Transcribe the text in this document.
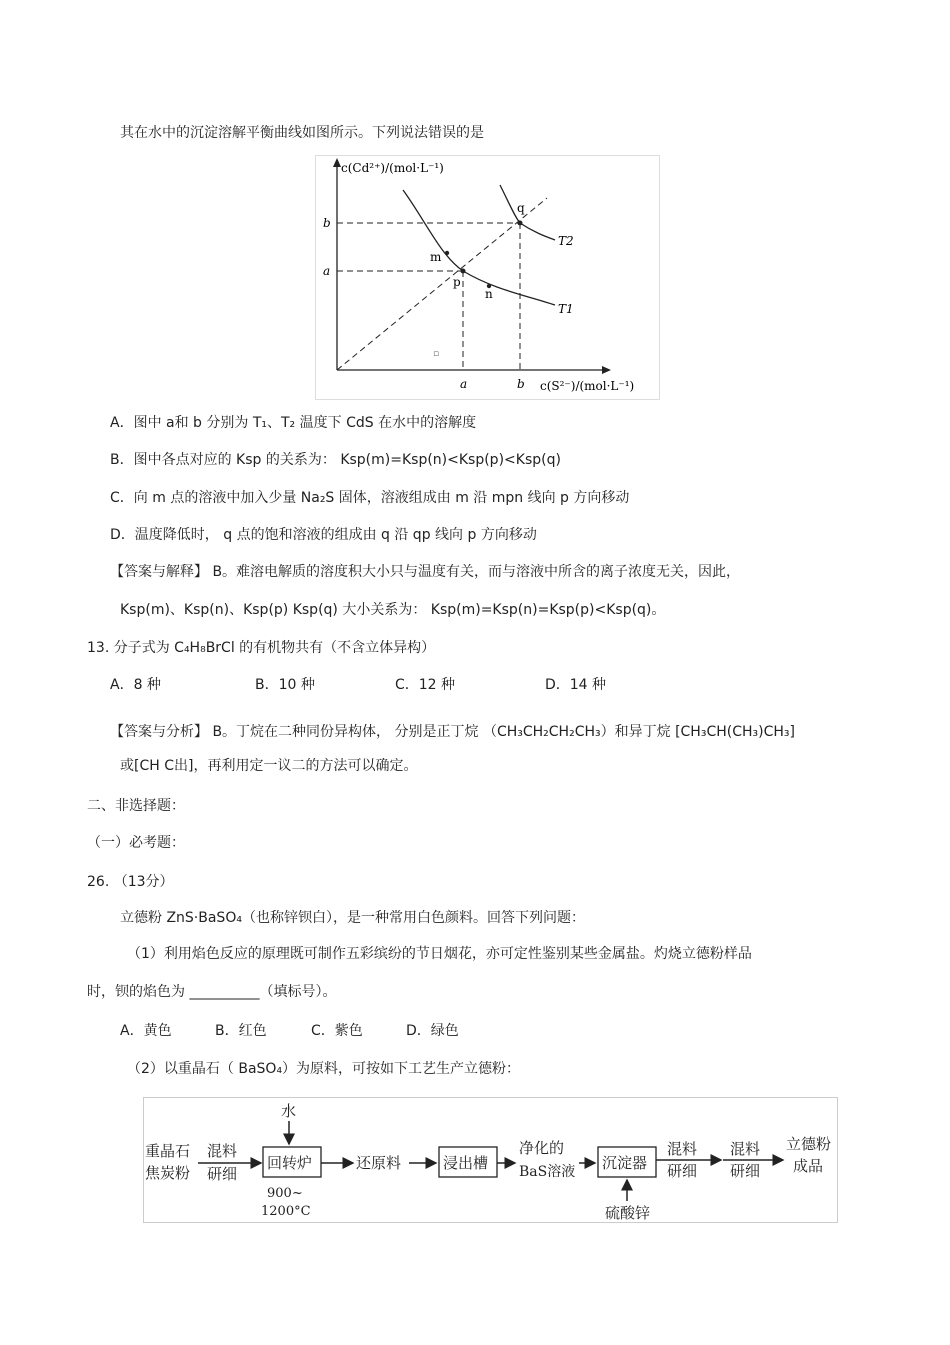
其在水中的沉淀溶解平衡曲线如图所示。下列说法错误的是
c(Cd²⁺)/(mol·L⁻¹)
c(S²⁻)/(mol·L⁻¹)
b
a
a	b
m
p
n
q
T2
T1
▫
A．图中 a和 b 分别为 T₁、T₂ 温度下 CdS 在水中的溶解度
B．图中各点对应的 Ksp 的关系为： Ksp(m)=Ksp(n)<Ksp(p)<Ksp(q)
C．向 m 点的溶液中加入少量 Na₂S 固体，溶液组成由 m 沿 mpn 线向 p 方向移动
D．温度降低时， q 点的饱和溶液的组成由 q 沿 qp 线向 p 方向移动
【答案与解释】 B。难溶电解质的溶度积大小只与温度有关，而与溶液中所含的离子浓度无关，因此，
Ksp(m)、Ksp(n)、Ksp(p) Ksp(q) 大小关系为： Ksp(m)=Ksp(n)=Ksp(p)<Ksp(q)。
13. 分子式为 C₄H₈BrCl 的有机物共有（不含立体异构）
A．8 种	B．10 种	C．12 种	D．14 种
【答案与分析】 B。丁烷在二种同份异构体， 分别是正丁烷 （CH₃CH₂CH₂CH₃）和异丁烷 [CH₃CH(CH₃)CH₃]
或[CH C出]，再利用定一议二的方法可以确定。
二、非选择题：
（一）必考题：
26. （13分）
立德粉 ZnS·BaSO₄（也称锌钡白），是一种常用白色颜料。回答下列问题：
（1）利用焰色反应的原理既可制作五彩缤纷的节日烟花，亦可定性鉴别某些金属盐。灼烧立德粉样品
时，钡的焰色为 __________（填标号）。
A．黄色	B．红色	C．紫色	D．绿色
（2）以重晶石（ BaSO₄）为原料，可按如下工艺生产立德粉：
重晶石
焦炭粉
混料
研细
水
回转炉
900~
1200°C
还原料	浸出槽
净化的
BaS溶液 沉淀器
硫酸锌
混料
研细
混料
研细
立德粉
成品
